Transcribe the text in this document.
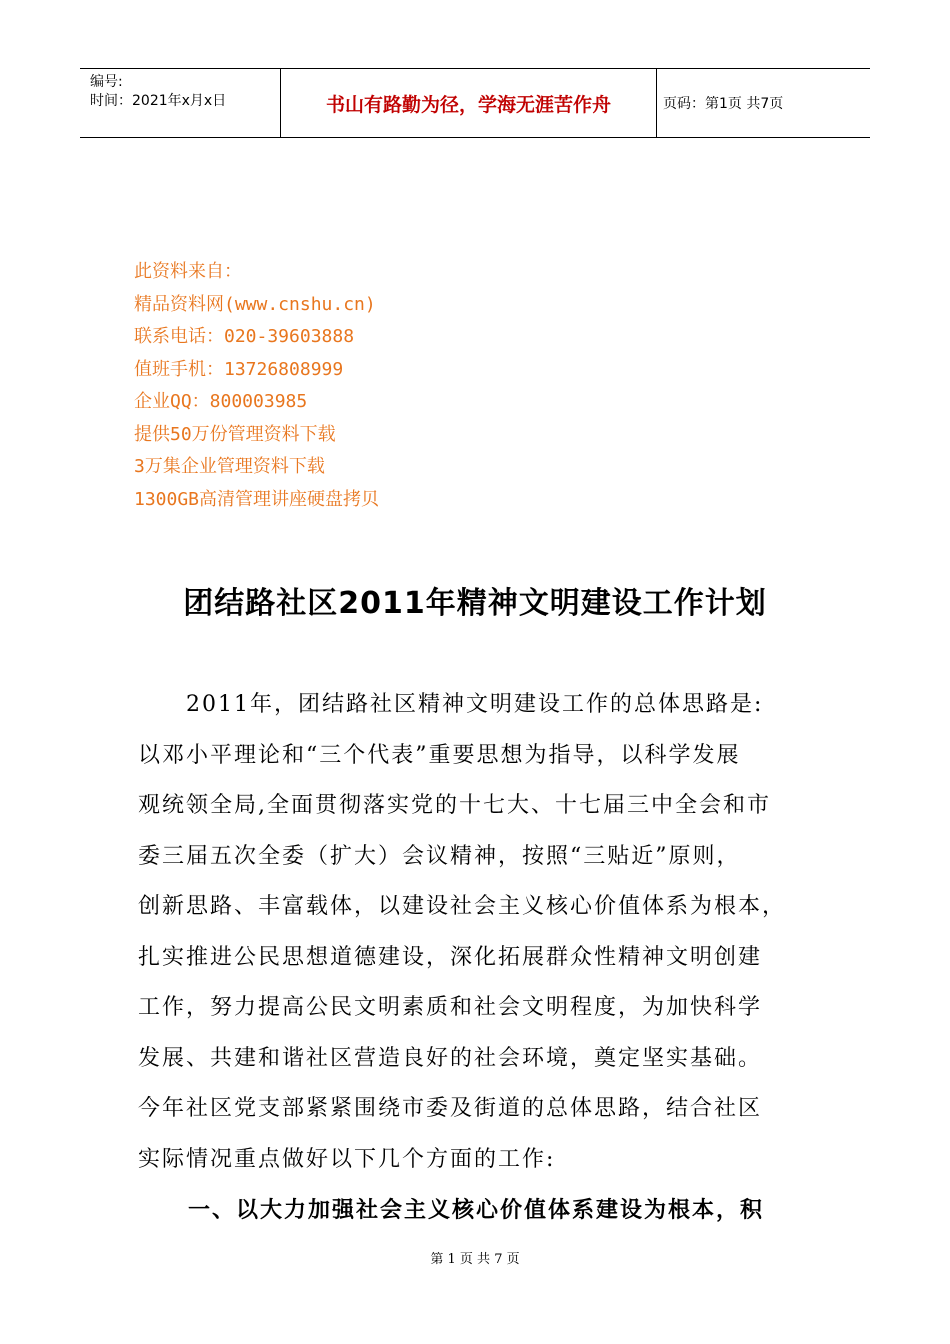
编号:
时间：2021年x月x日	书山有路勤为径，学海无涯苦作舟	页码：第1页 共7页
此资料来自：
精品资料网(www.cnshu.cn)
联系电话：020-39603888
值班手机：13726808999
企业QQ：800003985
提供50万份管理资料下载
3万集企业管理资料下载
1300GB高清管理讲座硬盘拷贝
团结路社区2011年精神文明建设工作计划
2011年，团结路社区精神文明建设工作的总体思路是:
以邓小平理论和“三个代表”重要思想为指导，以科学发展
观统领全局,全面贯彻落实党的十七大、十七届三中全会和市
委三届五次全委（扩大）会议精神，按照“三贴近”原则，
创新思路、丰富载体，以建设社会主义核心价值体系为根本，
扎实推进公民思想道德建设，深化拓展群众性精神文明创建
工作，努力提高公民文明素质和社会文明程度，为加快科学
发展、共建和谐社区营造良好的社会环境，奠定坚实基础。
今年社区党支部紧紧围绕市委及街道的总体思路，结合社区
实际情况重点做好以下几个方面的工作:
一、以大力加强社会主义核心价值体系建设为根本，积
第 1 页 共 7 页
